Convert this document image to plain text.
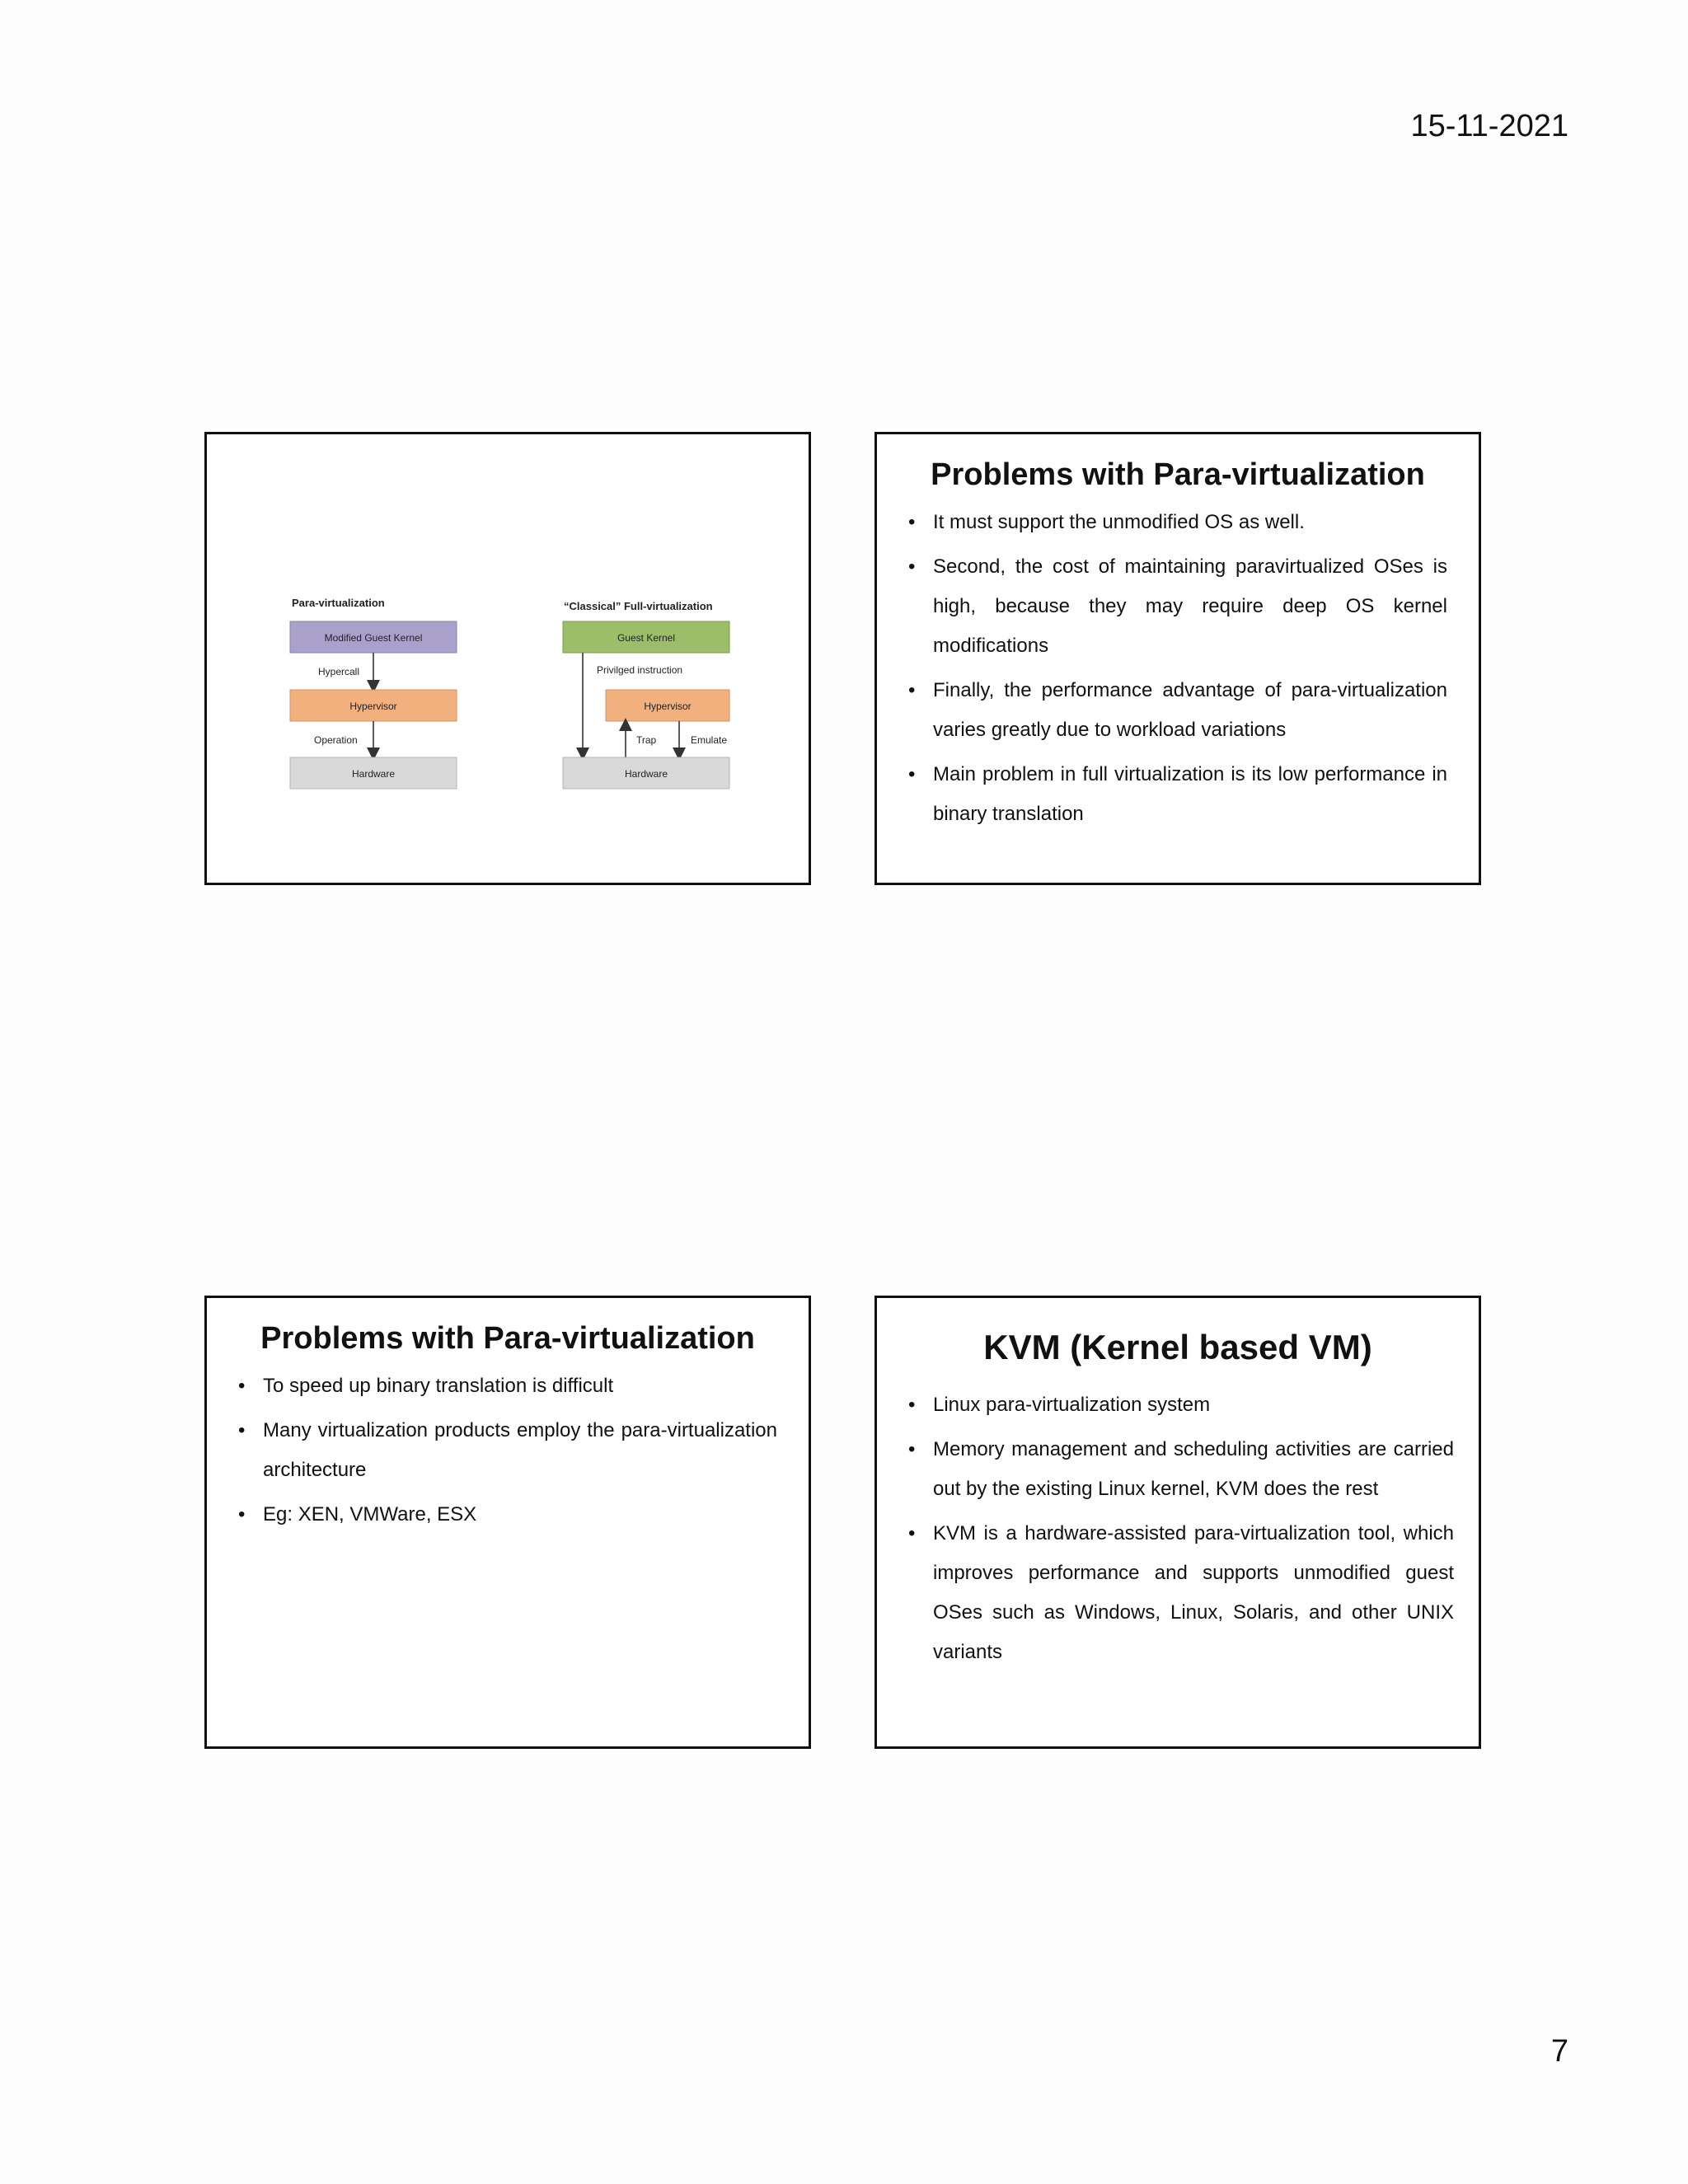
15-11-2021
Para-virtualization
Modified Guest Kernel
Hypercall
Hypervisor
Operation
Hardware
“Classical” Full-virtualization
Guest Kernel
Privilged instruction
Hypervisor
Trap	Emulate
Hardware
Problems with Para-virtualization
• It must support the unmodified OS as well.
• Second, the cost of maintaining paravirtualized OSes is high, because they may require deep OS kernel modifications
• Finally, the performance advantage of para-virtualization varies greatly due to workload variations
• Main problem in full virtualization is its low performance in binary translation
Problems with Para-virtualization
• To speed up binary translation is difficult
• Many virtualization products employ the para-virtualization architecture
• Eg: XEN, VMWare, ESX
KVM (Kernel based VM)
• Linux para-virtualization system
• Memory management and scheduling activities are carried out by the existing Linux kernel, KVM does the rest
• KVM is a hardware-assisted para-virtualization tool, which improves performance and supports unmodified guest OSes such as Windows, Linux, Solaris, and other UNIX variants
7
